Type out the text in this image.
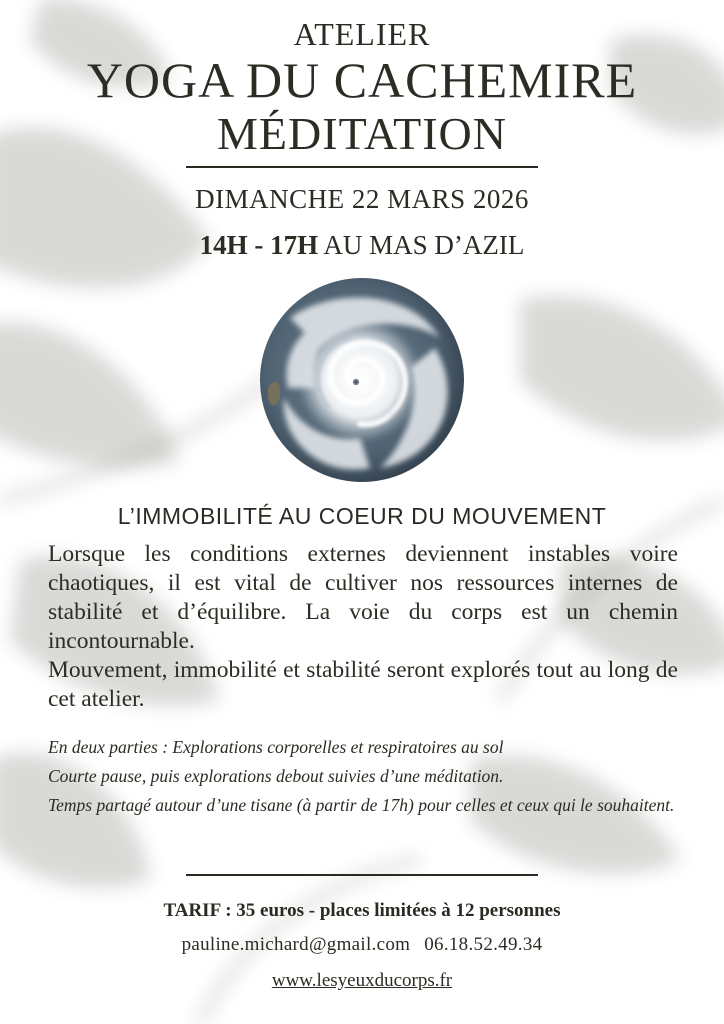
ATELIER
YOGA DU CACHEMIRE
MÉDITATION
DIMANCHE 22 MARS 2026
14H - 17H AU MAS D’AZIL
L’IMMOBILITÉ AU COEUR DU MOUVEMENT
Lorsque les conditions externes deviennent instables voire chaotiques, il est vital de cultiver nos ressources internes de stabilité et d’équilibre. La voie du corps est un chemin incontournable.
Mouvement, immobilité et stabilité seront explorés tout au long de cet atelier.
En deux parties : Explorations corporelles et respiratoires au sol
Courte pause, puis explorations debout suivies d’une méditation.
Temps partagé autour d’une tisane (à partir de 17h) pour celles et ceux qui le souhaitent.
TARIF : 35 euros - places limitées à 12 personnes
pauline.michard@gmail.com 06.18.52.49.34
www.lesyeuxducorps.fr
